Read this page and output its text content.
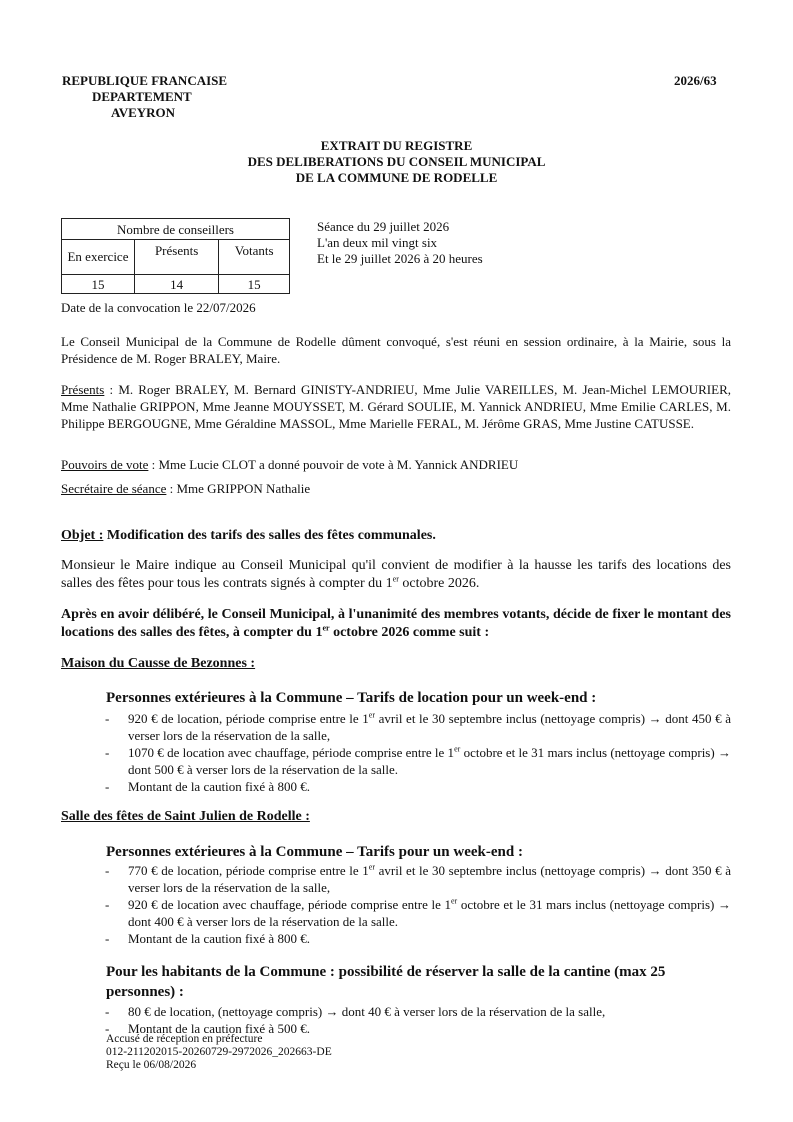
REPUBLIQUE FRANCAISE
DEPARTEMENT
AVEYRON
2026/63
EXTRAIT DU REGISTRE
DES DELIBERATIONS DU CONSEIL MUNICIPAL
DE LA COMMUNE DE RODELLE
Nombre de conseillers		
En exercice	Présents	Votants
15	14	15
Date de la convocation le 22/07/2026
Séance du 29 juillet 2026
L'an deux mil vingt six
Et le 29 juillet 2026 à 20 heures
Le Conseil Municipal de la Commune de Rodelle dûment convoqué, s'est réuni en session ordinaire, à la Mairie, sous la Présidence de M. Roger BRALEY, Maire.
Présents : M. Roger BRALEY, M. Bernard GINISTY-ANDRIEU, Mme Julie VAREILLES, M. Jean-Michel LEMOURIER, Mme Nathalie GRIPPON, Mme Jeanne MOUYSSET, M. Gérard SOULIE, M. Yannick ANDRIEU, Mme Emilie CARLES, M. Philippe BERGOUGNE, Mme Géraldine MASSOL, Mme Marielle FERAL, M. Jérôme GRAS, Mme Justine CATUSSE.
Pouvoirs de vote : Mme Lucie CLOT a donné pouvoir de vote à M. Yannick ANDRIEU
Secrétaire de séance : Mme GRIPPON Nathalie
Objet : Modification des tarifs des salles des fêtes communales.
Monsieur le Maire indique au Conseil Municipal qu'il convient de modifier à la hausse les tarifs des locations des salles des fêtes pour tous les contrats signés à compter du 1er octobre 2026.
Après en avoir délibéré, le Conseil Municipal, à l'unanimité des membres votants, décide de fixer le montant des locations des salles des fêtes, à compter du 1er octobre 2026 comme suit :
Maison du Causse de Bezonnes :
Personnes extérieures à la Commune – Tarifs de location pour un week-end :
- 920 € de location, période comprise entre le 1er avril et le 30 septembre inclus (nettoyage compris) → dont 450 € à verser lors de la réservation de la salle,
- 1070 € de location avec chauffage, période comprise entre le 1er octobre et le 31 mars inclus (nettoyage compris) → dont 500 € à verser lors de la réservation de la salle.
- Montant de la caution fixé à 800 €.
Salle des fêtes de Saint Julien de Rodelle :
Personnes extérieures à la Commune – Tarifs pour un week-end :
- 770 € de location, période comprise entre le 1er avril et le 30 septembre inclus (nettoyage compris) → dont 350 € à verser lors de la réservation de la salle,
- 920 € de location avec chauffage, période comprise entre le 1er octobre et le 31 mars inclus (nettoyage compris) → dont 400 € à verser lors de la réservation de la salle.
- Montant de la caution fixé à 800 €.
Pour les habitants de la Commune : possibilité de réserver la salle de la cantine (max 25 personnes) :
- 80 € de location, (nettoyage compris) → dont 40 € à verser lors de la réservation de la salle,
- Montant de la caution fixé à 500 €.
Accusé de réception en préfecture
012-211202015-20260729-2972026_202663-DE
Reçu le 06/08/2026
